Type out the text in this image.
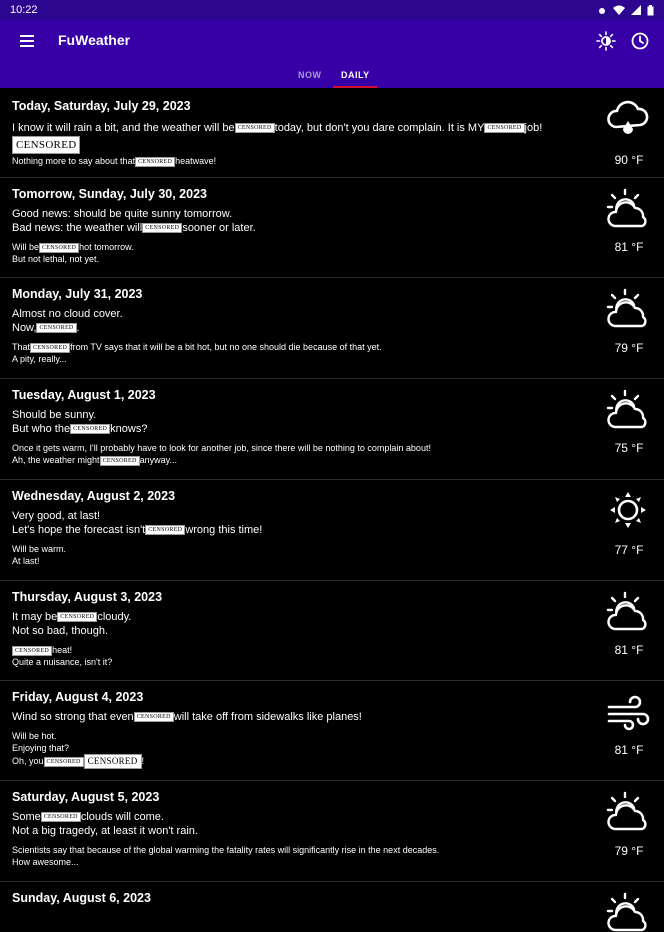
10:22
FuWeather
NOW DAILY
Today, Saturday, July 29, 2023
I know it will rain a bit, and the weather will be CENSORED today, but don't you dare complain. It is MY CENSORED job!
CENSORED
Nothing more to say about that CENSORED heatwave!	90 °F
Tomorrow, Sunday, July 30, 2023
Good news: should be quite sunny tomorrow.
Bad news: the weather will CENSORED sooner or later.
Will be CENSORED hot tomorrow.
But not lethal, not yet.
81 °F
Monday, July 31, 2023
Almost no cloud cover.
Now, CENSORED .
That CENSORED from TV says that it will be a bit hot, but no one should die because of that yet.
A pity, really...
79 °F
Tuesday, August 1, 2023
Should be sunny.
But who the CENSORED knows?
Once it gets warm, I'll probably have to look for another job, since there will be nothing to complain about!
Ah, the weather might CENSORED anyway...
75 °F
Wednesday, August 2, 2023
Very good, at last!
Let's hope the forecast isn't CENSORED wrong this time!
Will be warm.
At last!
77 °F
Thursday, August 3, 2023
It may be CENSORED cloudy.
Not so bad, though.
CENSORED heat!
Quite a nuisance, isn't it?
81 °F
Friday, August 4, 2023
Wind so strong that even CENSORED will take off from sidewalks like planes!
Will be hot.
Enjoying that?
Oh, you CENSORED CENSORED !
81 °F
Saturday, August 5, 2023
Some CENSORED clouds will come.
Not a big tragedy, at least it won't rain.
Scientists say that because of the global warming the fatality rates will significantly rise in the next decades.
How awesome...
79 °F
Sunday, August 6, 2023
